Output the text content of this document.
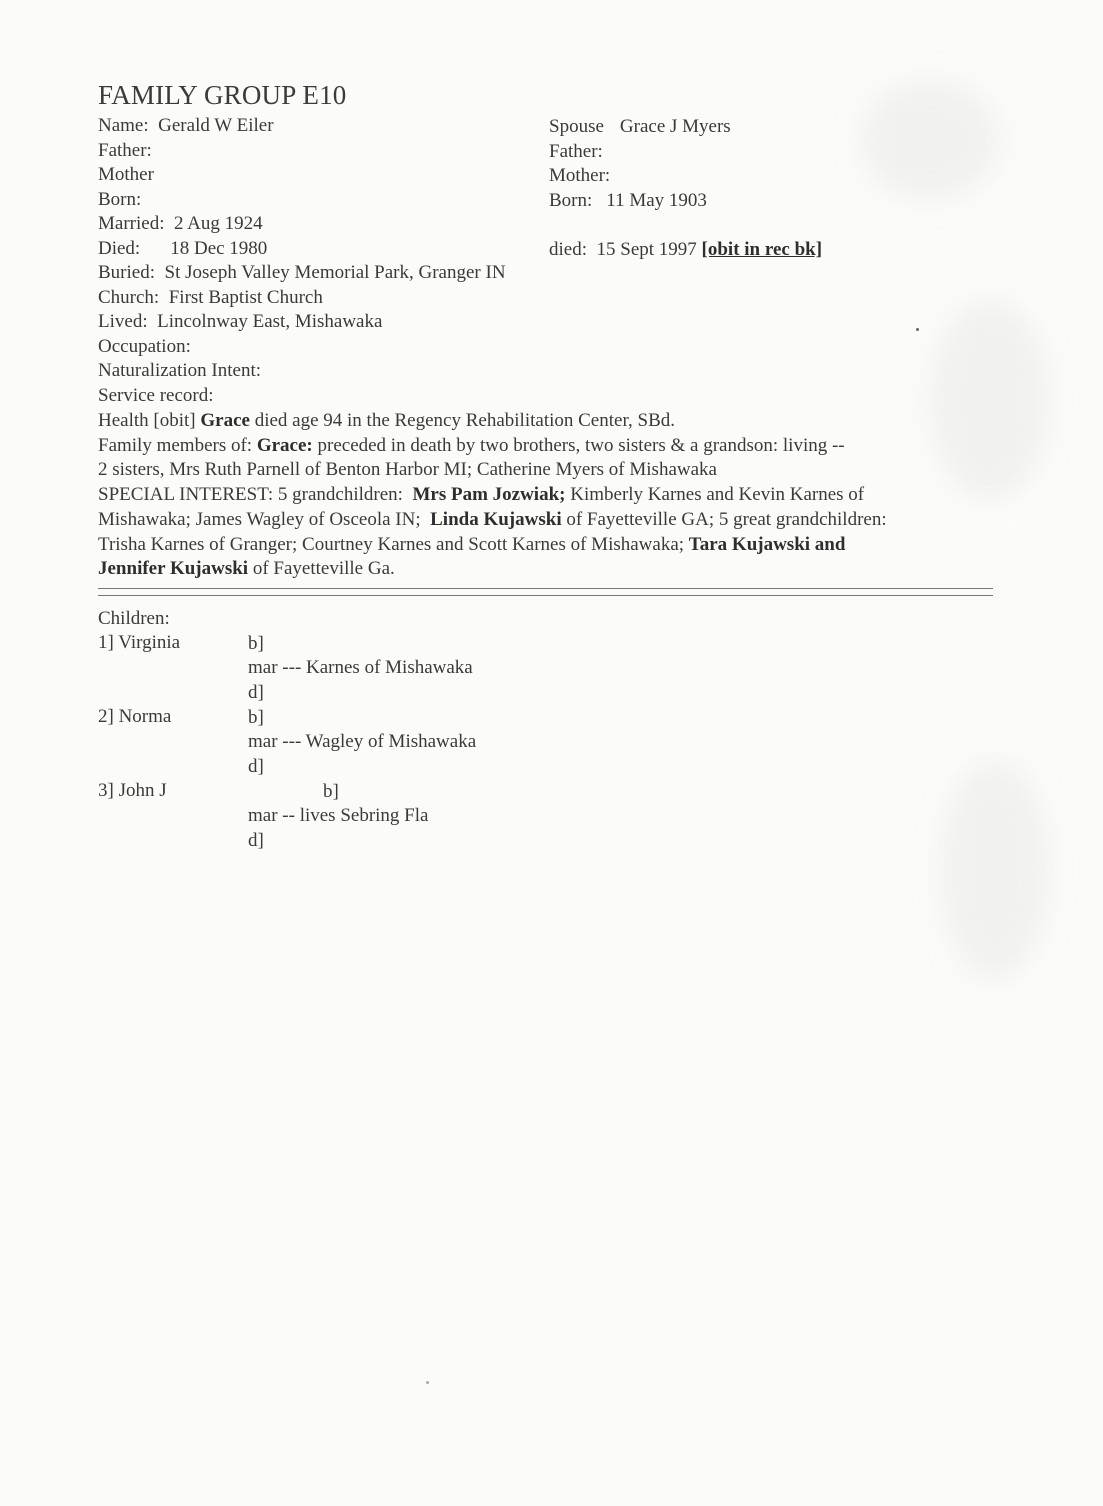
FAMILY GROUP E10
Name: Gerald W Eiler
Father:
Mother
Born:
Married: 2 Aug 1924
Died: 18 Dec 1980
Buried: St Joseph Valley Memorial Park, Granger IN
Church: First Baptist Church
Lived: Lincolnway East, Mishawaka
Occupation:
Naturalization Intent:
Service record:
Spouse Grace J Myers
Father:
Mother:
Born: 11 May 1903
died: 15 Sept 1997 [obit in rec bk]
Health [obit] Grace died age 94 in the Regency Rehabilitation Center, SBd.
Family members of: Grace: preceded in death by two brothers, two sisters & a grandson: living --
2 sisters, Mrs Ruth Parnell of Benton Harbor MI; Catherine Myers of Mishawaka
SPECIAL INTEREST: 5 grandchildren: Mrs Pam Jozwiak; Kimberly Karnes and Kevin Karnes of
Mishawaka; James Wagley of Osceola IN; Linda Kujawski of Fayetteville GA; 5 great grandchildren:
Trisha Karnes of Granger; Courtney Karnes and Scott Karnes of Mishawaka; Tara Kujawski and
Jennifer Kujawski of Fayetteville Ga.
Children:
1] Virginia	b]
mar --- Karnes of Mishawaka
d]
2] Norma	b]
mar --- Wagley of Mishawaka
d]
3] John J	b]
mar -- lives Sebring Fla
d]
